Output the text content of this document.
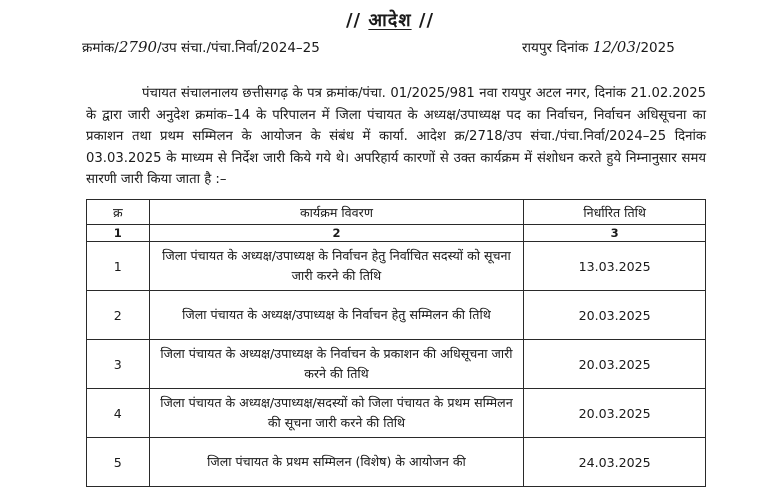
// आदेश //
क्रमांक/2790/उप संचा./पंचा.निर्वा/2024–25	रायपुर दिनांक 12/03/2025

पंचायत संचालनालय छत्तीसगढ़ के पत्र क्रमांक/पंचा. 01/2025/981 नवा रायपुर अटल नगर, दिनांक 21.02.2025 के द्वारा जारी अनुदेश क्रमांक–14 के परिपालन में जिला पंचायत के अध्यक्ष/उपाध्यक्ष पद का निर्वाचन, निर्वाचन अधिसूचना का प्रकाशन तथा प्रथम सम्मिलन के आयोजन के संबंध में कार्या. आदेश क्र/2718/उप संचा./पंचा.निर्वा/2024–25 दिनांक 03.03.2025 के माध्यम से निर्देश जारी किये गये थे। अपरिहार्य कारणों से उक्त कार्यक्रम में संशोधन करते हुये निम्नानुसार समय सारणी जारी किया जाता है :–

क्र	कार्यक्रम विवरण	निर्धारित तिथि
1	2	3
1	जिला पंचायत के अध्यक्ष/उपाध्यक्ष के निर्वाचन हेतु निर्वाचित सदस्यों को सूचना जारी करने की तिथि	13.03.2025
2	जिला पंचायत के अध्यक्ष/उपाध्यक्ष के निर्वाचन हेतु सम्मिलन की तिथि	20.03.2025
3	जिला पंचायत के अध्यक्ष/उपाध्यक्ष के निर्वाचन के प्रकाशन की अधिसूचना जारी करने की तिथि	20.03.2025
4	जिला पंचायत के अध्यक्ष/उपाध्यक्ष/सदस्यों को जिला पंचायत के प्रथम सम्मिलन की सूचना जारी करने की तिथि	20.03.2025
5	जिला पंचायत के प्रथम सम्मिलन (विशेष) के आयोजन की	24.03.2025
